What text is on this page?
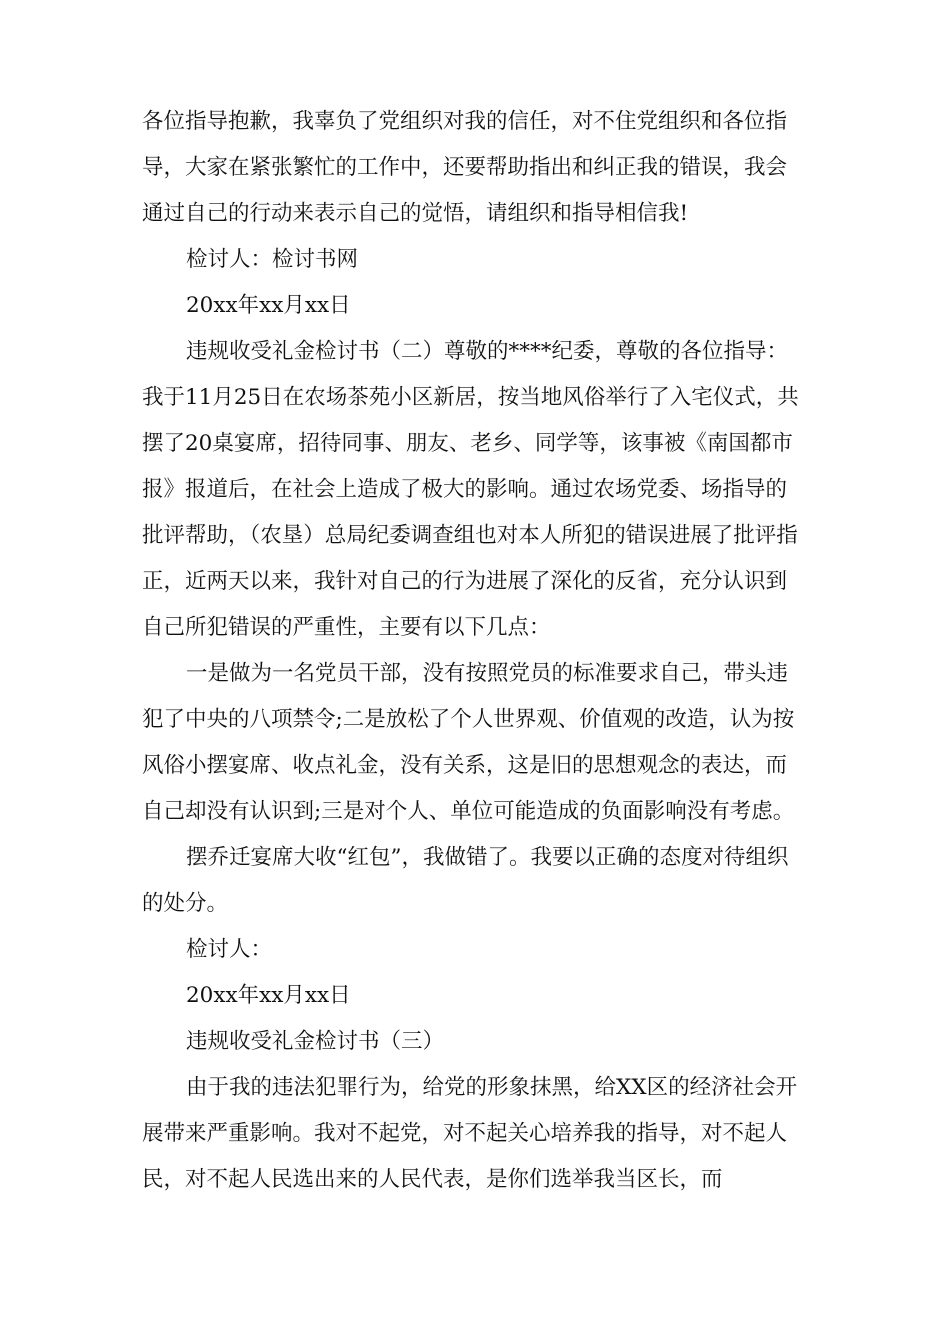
各位指导抱歉，我辜负了党组织对我的信任，对不住党组织和各位指导，大家在紧张繁忙的工作中，还要帮助指出和纠正我的错误，我会通过自己的行动来表示自己的觉悟，请组织和指导相信我!

检讨人：检讨书网

20xx年xx月xx日

违规收受礼金检讨书（二）尊敬的****纪委，尊敬的各位指导：我于11月25日在农场茶苑小区新居，按当地风俗举行了入宅仪式，共摆了20桌宴席，招待同事、朋友、老乡、同学等，该事被《南国都市报》报道后，在社会上造成了极大的影响。通过农场党委、场指导的批评帮助，（农垦）总局纪委调查组也对本人所犯的错误进展了批评指正，近两天以来，我针对自己的行为进展了深化的反省，充分认识到自己所犯错误的严重性，主要有以下几点：

一是做为一名党员干部，没有按照党员的标准要求自己，带头违犯了中央的八项禁令;二是放松了个人世界观、价值观的改造，认为按风俗小摆宴席、收点礼金，没有关系，这是旧的思想观念的表达，而自己却没有认识到;三是对个人、单位可能造成的负面影响没有考虑。

摆乔迁宴席大收“红包”，我做错了。我要以正确的态度对待组织的处分。

检讨人：

20xx年xx月xx日

违规收受礼金检讨书（三）

由于我的违法犯罪行为，给党的形象抹黑，给XX区的经济社会开展带来严重影响。我对不起党，对不起关心培养我的指导，对不起人民，对不起人民选出来的人民代表，是你们选举我当区长，而
